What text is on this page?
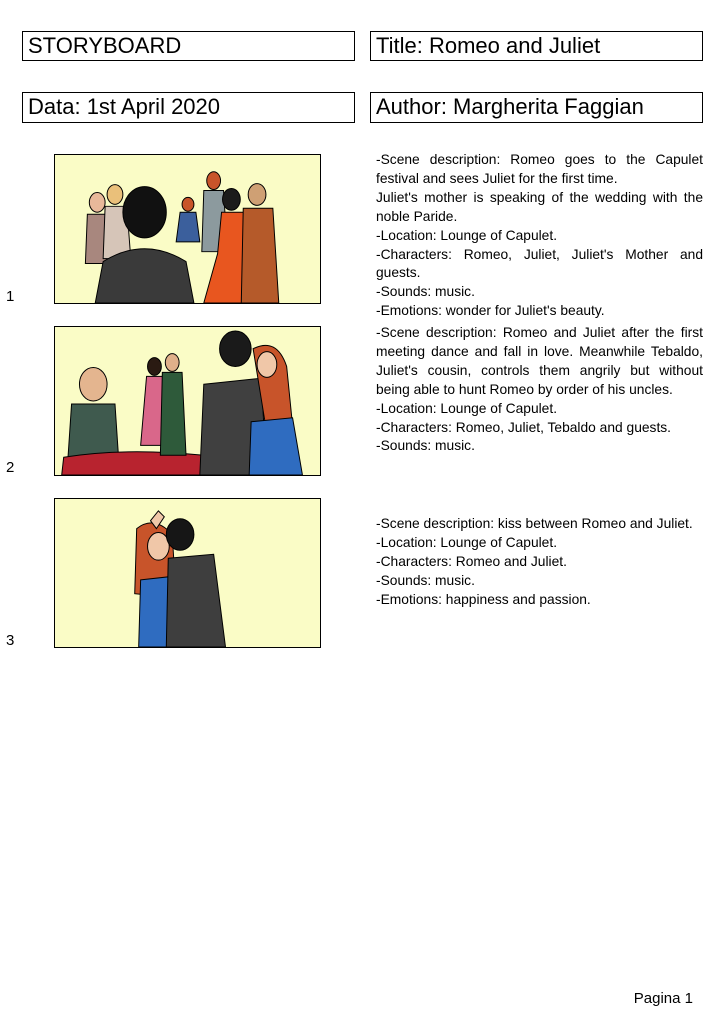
STORYBOARD	Title: Romeo and Juliet
Data: 1st April 2020	Author: Margherita Faggian
1
2
3
-Scene description: Romeo goes to the Capulet festival and sees Juliet for the first time.
Juliet's mother is speaking of the wedding with the noble Paride.
-Location: Lounge of Capulet.
-Characters: Romeo, Juliet, Juliet's Mother and guests.
-Sounds: music.
-Emotions: wonder for Juliet's beauty.
-Scene description: Romeo and Juliet after the first meeting dance and fall in love. Meanwhile Tebaldo, Juliet's cousin, controls them angrily but without being able to hunt Romeo by order of his uncles.
-Location: Lounge of Capulet.
-Characters: Romeo, Juliet, Tebaldo and guests.
-Sounds: music.
-Scene description: kiss between Romeo and Juliet.
-Location: Lounge of Capulet.
-Characters: Romeo and Juliet.
-Sounds: music.
-Emotions: happiness and passion.
Pagina 1
